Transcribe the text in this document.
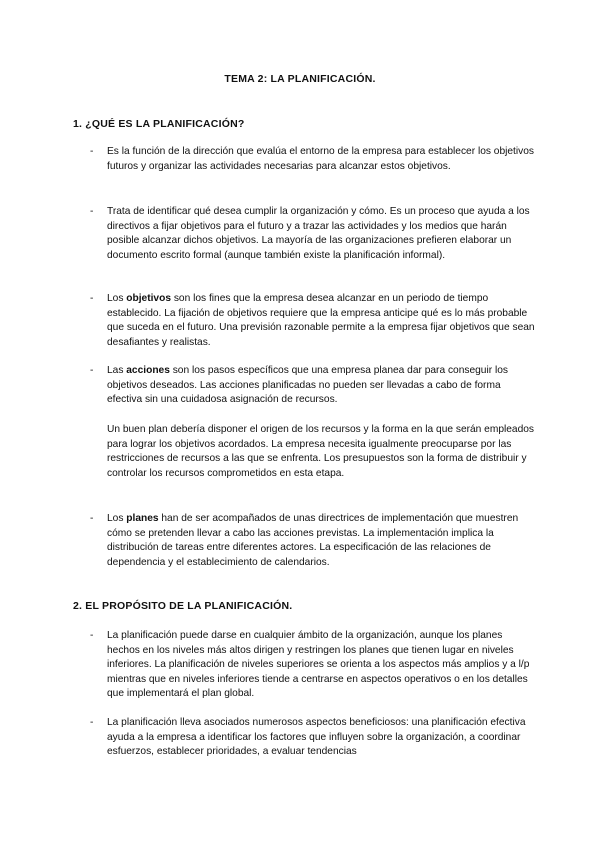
TEMA 2: LA PLANIFICACIÓN.
1. ¿QUÉ ES LA PLANIFICACIÓN?
- Es la función de la dirección que evalúa el entorno de la empresa para establecer los objetivos futuros y organizar las actividades necesarias para alcanzar estos objetivos.
- Trata de identificar qué desea cumplir la organización y cómo. Es un proceso que ayuda a los directivos a fijar objetivos para el futuro y a trazar las actividades y los medios que harán posible alcanzar dichos objetivos. La mayoría de las organizaciones prefieren elaborar un documento escrito formal (aunque también existe la planificación informal).
- Los objetivos son los fines que la empresa desea alcanzar en un periodo de tiempo establecido. La fijación de objetivos requiere que la empresa anticipe qué es lo más probable que suceda en el futuro. Una previsión razonable permite a la empresa fijar objetivos que sean desafiantes y realistas.
- Las acciones son los pasos específicos que una empresa planea dar para conseguir los objetivos deseados. Las acciones planificadas no pueden ser llevadas a cabo de forma efectiva sin una cuidadosa asignación de recursos.
Un buen plan debería disponer el origen de los recursos y la forma en la que serán empleados para lograr los objetivos acordados. La empresa necesita igualmente preocuparse por las restricciones de recursos a las que se enfrenta. Los presupuestos son la forma de distribuir y controlar los recursos comprometidos en esta etapa.
- Los planes han de ser acompañados de unas directrices de implementación que muestren cómo se pretenden llevar a cabo las acciones previstas. La implementación implica la distribución de tareas entre diferentes actores. La especificación de las relaciones de dependencia y el establecimiento de calendarios.
2. EL PROPÓSITO DE LA PLANIFICACIÓN.
- La planificación puede darse en cualquier ámbito de la organización, aunque los planes hechos en los niveles más altos dirigen y restringen los planes que tienen lugar en niveles inferiores. La planificación de niveles superiores se orienta a los aspectos más amplios y a l/p mientras que en niveles inferiores tiende a centrarse en aspectos operativos o en los detalles que implementará el plan global.
- La planificación lleva asociados numerosos aspectos beneficiosos: una planificación efectiva ayuda a la empresa a identificar los factores que influyen sobre la organización, a coordinar esfuerzos, establecer prioridades, a evaluar tendencias
